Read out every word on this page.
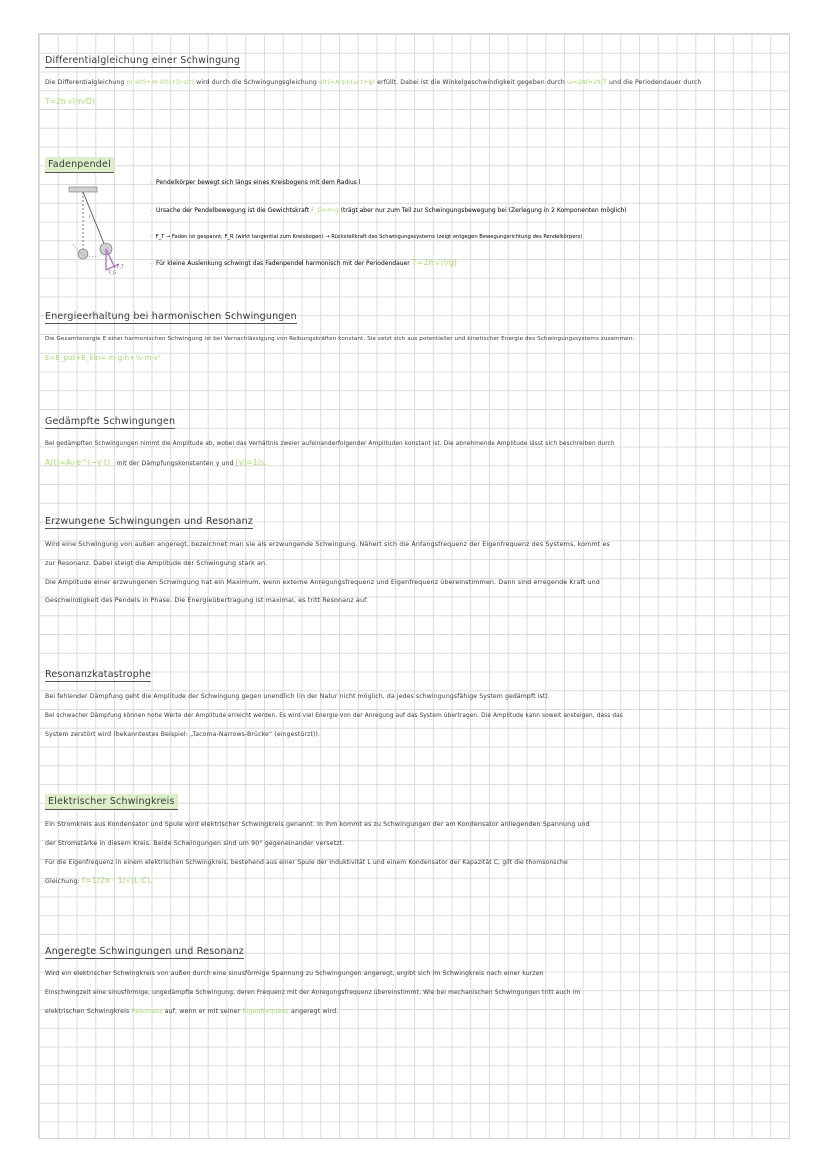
Differentialgleichung einer Schwingung
Die Differentialgleichung m·a(t)+m·ẍ(t)+D·s(t) wird durch die Schwingungsgleichung s(t)=A·sin(ω·t+φ) erfüllt. Dabei ist die Winkelgeschwindigkeit gegeben durch ω=2πf=2π/T und die Periodendauer durch
T=2π·√(m/D)
Fadenpendel
F_G
F_T
l
– Pendelkörper bewegt sich längs eines Kreisbogens mit dem Radius l
– Ursache der Pendelbewegung ist die Gewichtskraft F_G=m·g (trägt aber nur zum Teil zur Schwingungsbewegung bei (Zerlegung in 2 Komponenten möglich)
– F_T → Faden ist gespannt, F_R (wirkt tangential zum Kreisbogen) → Rückstellkraft des Schwingungssystems (zeigt entgegen Bewegungsrichtung des Pendelkörpers)
– Für kleine Auslenkung schwingt das Fadenpendel harmonisch mit der Periodendauer T=2π·√(l/g)
Energieerhaltung bei harmonischen Schwingungen
Die Gesamtenergie E einer harmonischen Schwingung ist bei Vernachlässigung von Reibungskräften konstant. Sie setzt sich aus potentieller und kinetischer Energie des Schwingungssystems zusammen:
E=E_pot+E_kin= m·g·h+½·m·v².
Gedämpfte Schwingungen
Bei gedämpften Schwingungen nimmt die Amplitude ab, wobei das Verhältnis zweier aufeinanderfolgender Amplituden konstant ist. Die abnehmende Amplitude lässt sich beschreiben durch
A(t)=A₀·e^(−γ·t) mit der Dämpfungskonstanten γ und [γ]=1/s.
Erzwungene Schwingungen und Resonanz
Wird eine Schwingung von außen angeregt, bezeichnet man sie als erzwungende Schwingung. Nähert sich die Anfangsfrequenz der Eigenfrequenz des Systems, kommt es
zur Resonanz. Dabei steigt die Amplitude der Schwingung stark an.
Die Amplitude einer erzwungenen Schwingung hat ein Maximum, wenn externe Anregungsfrequenz und Eigenfrequenz übereinstimmen. Dann sind erregende Kraft und
Geschwindigkeit des Pendels in Phase. Die Energieübertragung ist maximal, es tritt Resonanz auf.
Resonanzkatastrophe
Bei fehlender Dämpfung geht die Amplitude der Schwingung gegen unendlich (in der Natur nicht möglich, da jedes schwingungsfähige System gedämpft ist).
Bei schwacher Dämpfung können hohe Werte der Amplitude erreicht werden. Es wird viel Energie von der Anregung auf das System übertragen. Die Amplitude kann soweit ansteigen, dass das
System zerstört wird (bekanntestes Beispiel: „Tacoma-Narrows-Brücke“ (eingestürzt)).
Elektrischer Schwingkreis
Ein Stromkreis aus Kondensator und Spule wird elektrischer Schwingkreis genannt. In ihm kommt es zu Schwingungen der am Kondensator anliegenden Spannung und
der Stromstärke in diesem Kreis. Beide Schwingungen sind um 90° gegeneinander versetzt.
Für die Eigenfrequenz in einem elektrischen Schwingkreis, bestehend aus einer Spule der Induktivität L und einem Kondensator der Kapazität C, gilt die thomsonsche
Gleichung: f=1/2π · 1/√(L·C).
Angeregte Schwingungen und Resonanz
Wird ein elektrischer Schwingkreis von außen durch eine sinusförmige Spannung zu Schwingungen angeregt, ergibt sich im Schwingkreis nach einer kurzen
Einschwingzeit eine sinusförmige, ungedämpfte Schwingung, deren Frequenz mit der Anregungsfrequenz übereinstimmt. Wie bei mechanischen Schwingungen tritt auch im
elektrischen Schwingkreis Resonanz auf, wenn er mit seiner Eigenfrequenz angeregt wird.
